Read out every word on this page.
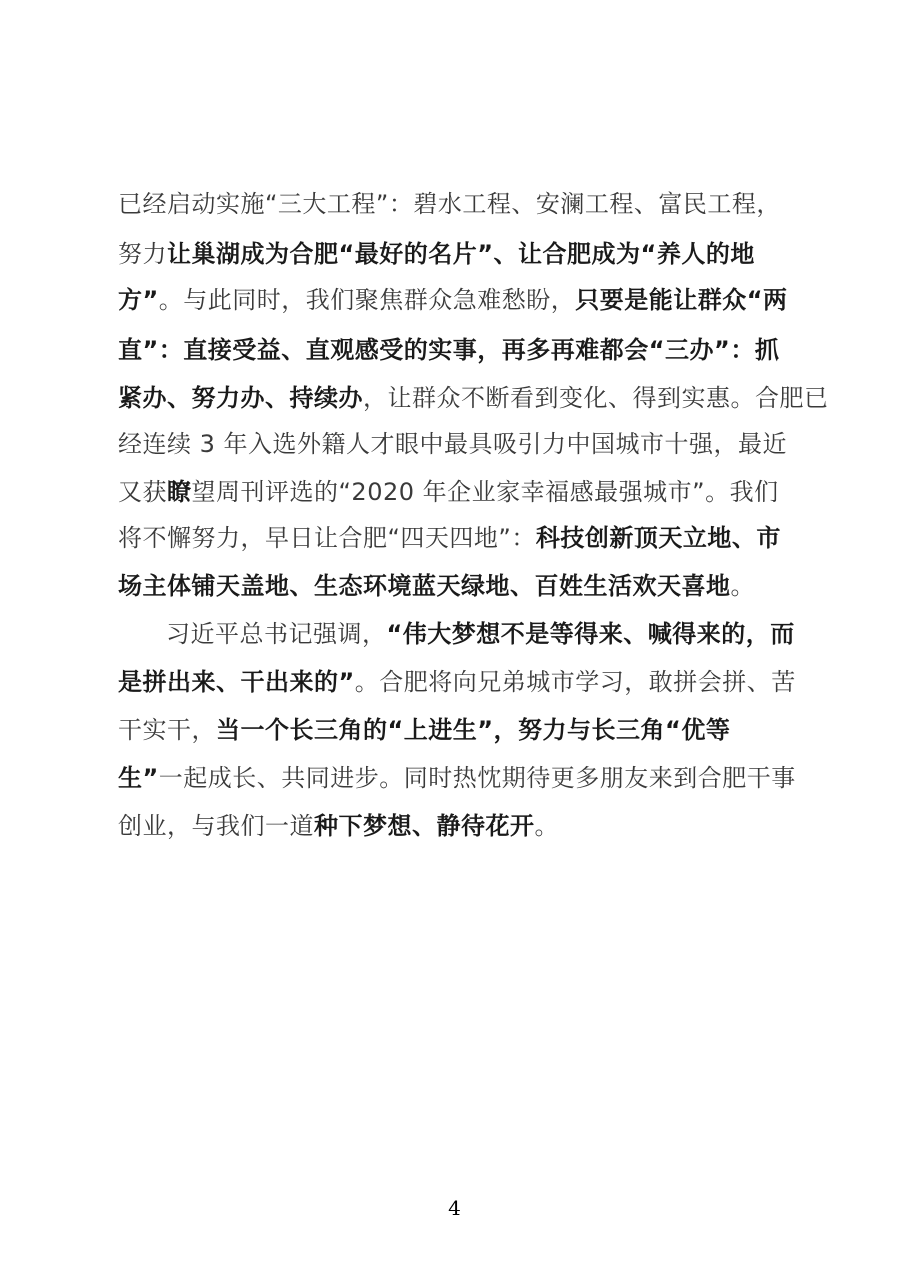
已经启动实施“三大工程”：碧水工程、安澜工程、富民工程，
努力让巢湖成为合肥“最好的名片”、让合肥成为“养人的地
方”。与此同时，我们聚焦群众急难愁盼，只要是能让群众“两
直”：直接受益、直观感受的实事，再多再难都会“三办”：抓
紧办、努力办、持续办，让群众不断看到变化、得到实惠。合肥已
经连续 3 年入选外籍人才眼中最具吸引力中国城市十强，最近
又获瞭望周刊评选的“2020 年企业家幸福感最强城市”。我们
将不懈努力，早日让合肥“四天四地”：科技创新顶天立地、市
场主体铺天盖地、生态环境蓝天绿地、百姓生活欢天喜地。
习近平总书记强调，“伟大梦想不是等得来、喊得来的，而
是拼出来、干出来的”。合肥将向兄弟城市学习，敢拼会拼、苦
干实干，当一个长三角的“上进生”，努力与长三角“优等
生”一起成长、共同进步。同时热忱期待更多朋友来到合肥干事
创业，与我们一道种下梦想、静待花开。
4
